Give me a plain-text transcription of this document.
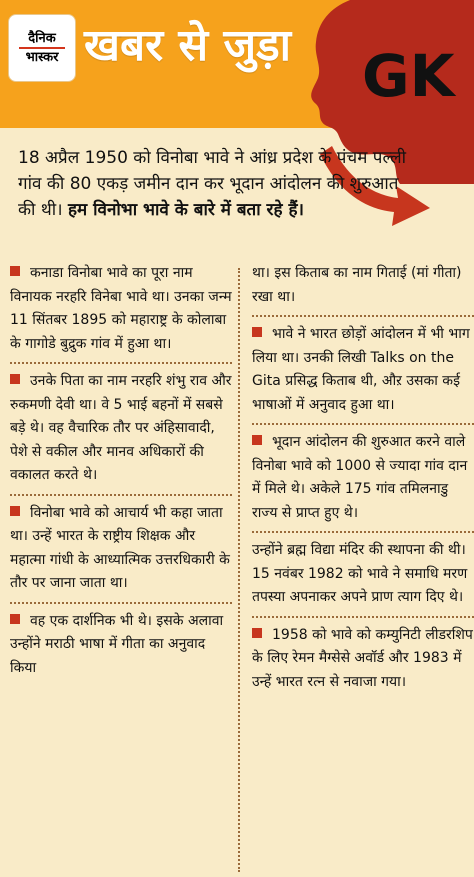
दैनिक
भास्कर खबर से जुड़ा GK
18 अप्रैल 1950 को विनोबा भावे ने आंध्र प्रदेश के पंचम पल्ली गांव की 80 एकड़ जमीन दान कर भूदान आंदोलन की शुरुआत की थी। हम विनोभा भावे के बारे में बता रहे हैं।
कनाडा विनोबा भावे का पूरा नाम विनायक नरहरि विनेबा भावे था। उनका जन्म 11 सिंतबर 1895 को महाराष्ट्र के कोलाबा के गागोडे बुद्रुक गांव में हुआ था।
उनके पिता का नाम नरहरि शंभु राव और रुकमणी देवी था। वे 5 भाई बहनों में सबसे बड़े थे। वह वैचारिक तौर पर अंहिसावादी, पेशे से वकील और मानव अधिकारों की वकालत करते थे।
विनोबा भावे को आचार्य भी कहा जाता था। उन्हें भारत के राष्ट्रीय शिक्षक और महात्मा गांधी के आध्यात्मिक उत्तरधिकारी के तौर पर जाना जाता था।
वह एक दार्शनिक भी थे। इसके अलावा उन्होंने मराठी भाषा में गीता का अनुवाद किया
था। इस किताब का नाम गिताई (मां गीता) रखा था।
भावे ने भारत छोड़ों आंदोलन में भी भाग लिया था। उनकी लिखी Talks on the Gita प्रसिद्ध किताब थी, औऱ उसका कई भाषाओं में अनुवाद हुआ था।
भूदान आंदोलन की शुरुआत करने वाले विनोबा भावे को 1000 से ज्यादा गांव दान में मिले थे। अकेले 175 गांव तमिलनाडु राज्य से प्राप्त हुए थे।
उन्होंने ब्रह्म विद्या मंदिर की स्थापना की थी। 15 नवंबर 1982 को भावे ने समाधि मरण तपस्या अपनाकर अपने प्राण त्याग दिए थे।
1958 को भावे को कम्युनिटी लीडरशिप के लिए रेमन मैग्सेसे अवॉर्ड और 1983 में उन्हें भारत रत्न से नवाजा गया।
